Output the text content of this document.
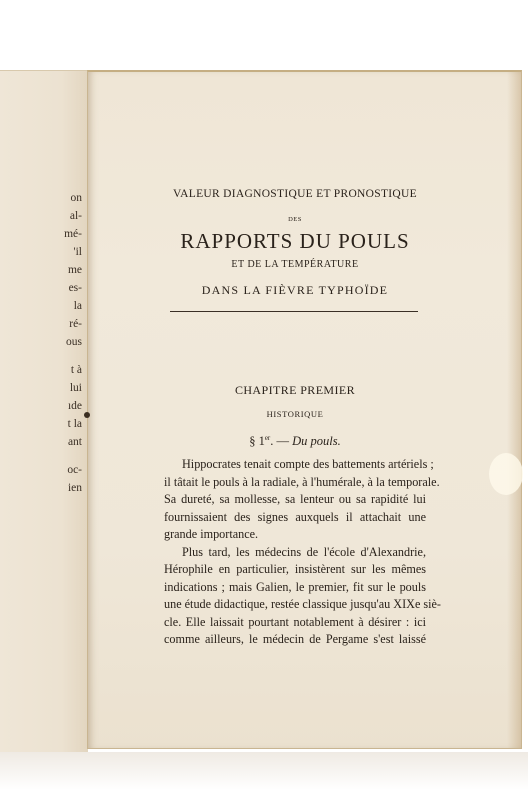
on
al-
mé-
'il
me
es-
la
ré-
ous
t à
lui
ıde
t la
ant
oc-
ien
VALEUR DIAGNOSTIQUE ET PRONOSTIQUE
DES
RAPPORTS DU POULS
ET DE LA TEMPÉRATURE
DANS LA FIÈVRE TYPHOÏDE
CHAPITRE PREMIER
HISTORIQUE
§ 1er. — Du pouls.
Hippocrates tenait compte des battements artériels ;
il tâtait le pouls à la radiale, à l'humérale, à la temporale.
Sa dureté, sa mollesse, sa lenteur ou sa rapidité lui
fournissaient des signes auxquels il attachait une
grande importance.
Plus tard, les médecins de l'école d'Alexandrie,
Hérophile en particulier, insistèrent sur les mêmes
indications ; mais Galien, le premier, fit sur le pouls
une étude didactique, restée classique jusqu'au XIXe siè-
cle. Elle laissait pourtant notablement à désirer : ici
comme ailleurs, le médecin de Pergame s'est laissé
